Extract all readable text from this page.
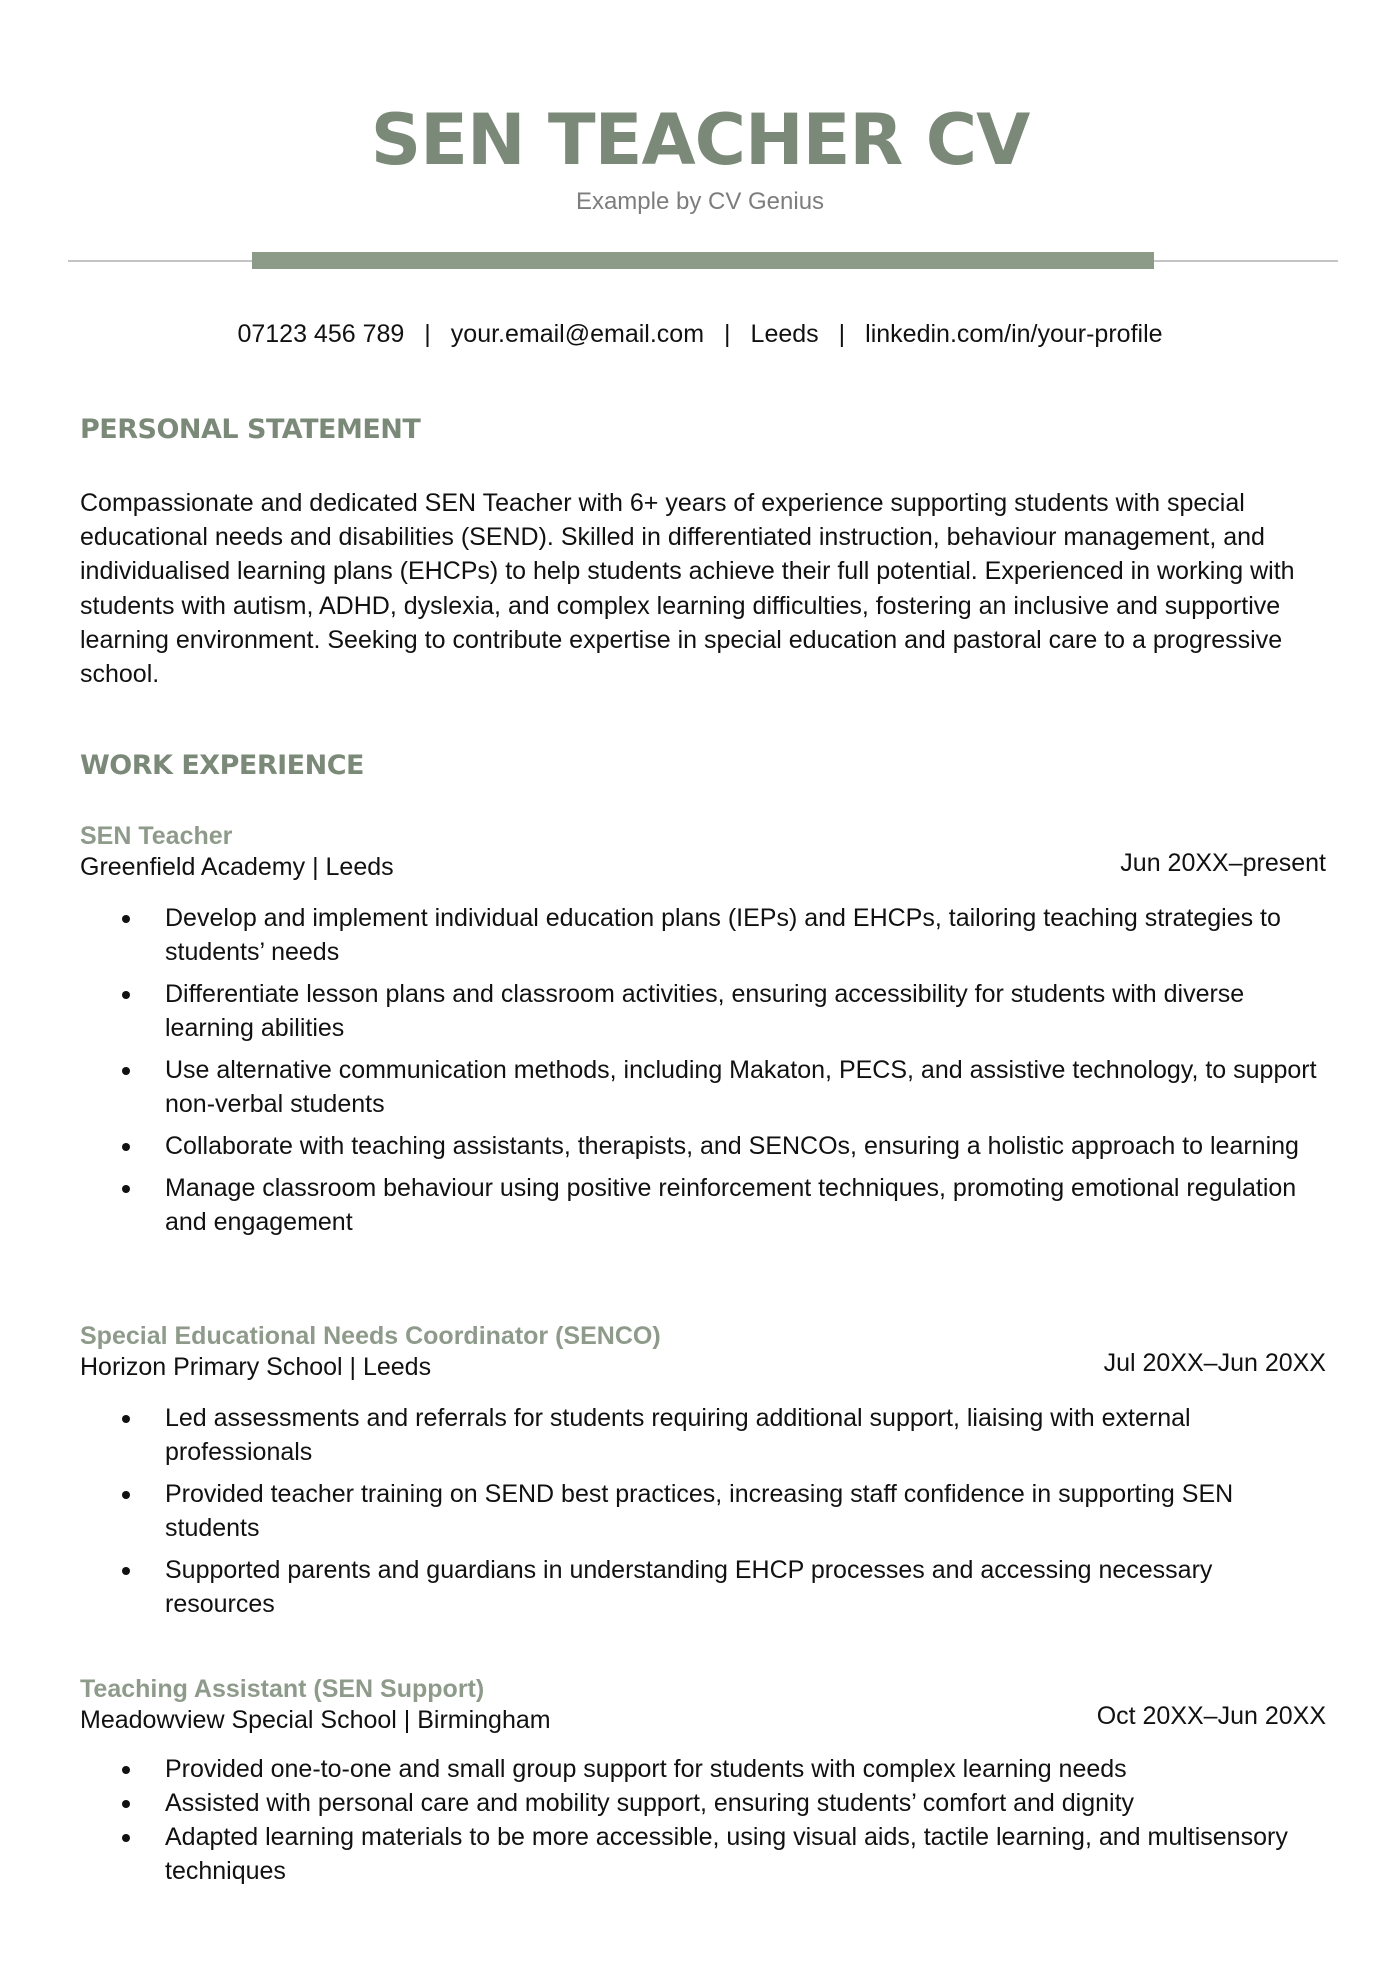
SEN TEACHER CV
Example by CV Genius
07123 456 789 | your.email@email.com | Leeds | linkedin.com/in/your-profile
PERSONAL STATEMENT
Compassionate and dedicated SEN Teacher with 6+ years of experience supporting students with special educational needs and disabilities (SEND). Skilled in differentiated instruction, behaviour management, and individualised learning plans (EHCPs) to help students achieve their full potential. Experienced in working with students with autism, ADHD, dyslexia, and complex learning difficulties, fostering an inclusive and supportive learning environment. Seeking to contribute expertise in special education and pastoral care to a progressive school.
WORK EXPERIENCE
SEN Teacher
Greenfield Academy | Leeds	Jun 20XX–present
Develop and implement individual education plans (IEPs) and EHCPs, tailoring teaching strategies to students’ needs
Differentiate lesson plans and classroom activities, ensuring accessibility for students with diverse learning abilities
Use alternative communication methods, including Makaton, PECS, and assistive technology, to support non-verbal students
Collaborate with teaching assistants, therapists, and SENCOs, ensuring a holistic approach to learning
Manage classroom behaviour using positive reinforcement techniques, promoting emotional regulation and engagement
Special Educational Needs Coordinator (SENCO)
Horizon Primary School | Leeds	Jul 20XX–Jun 20XX
Led assessments and referrals for students requiring additional support, liaising with external professionals
Provided teacher training on SEND best practices, increasing staff confidence in supporting SEN students
Supported parents and guardians in understanding EHCP processes and accessing necessary resources
Teaching Assistant (SEN Support)
Meadowview Special School | Birmingham	Oct 20XX–Jun 20XX
Provided one-to-one and small group support for students with complex learning needs
Assisted with personal care and mobility support, ensuring students’ comfort and dignity
Adapted learning materials to be more accessible, using visual aids, tactile learning, and multisensory techniques
